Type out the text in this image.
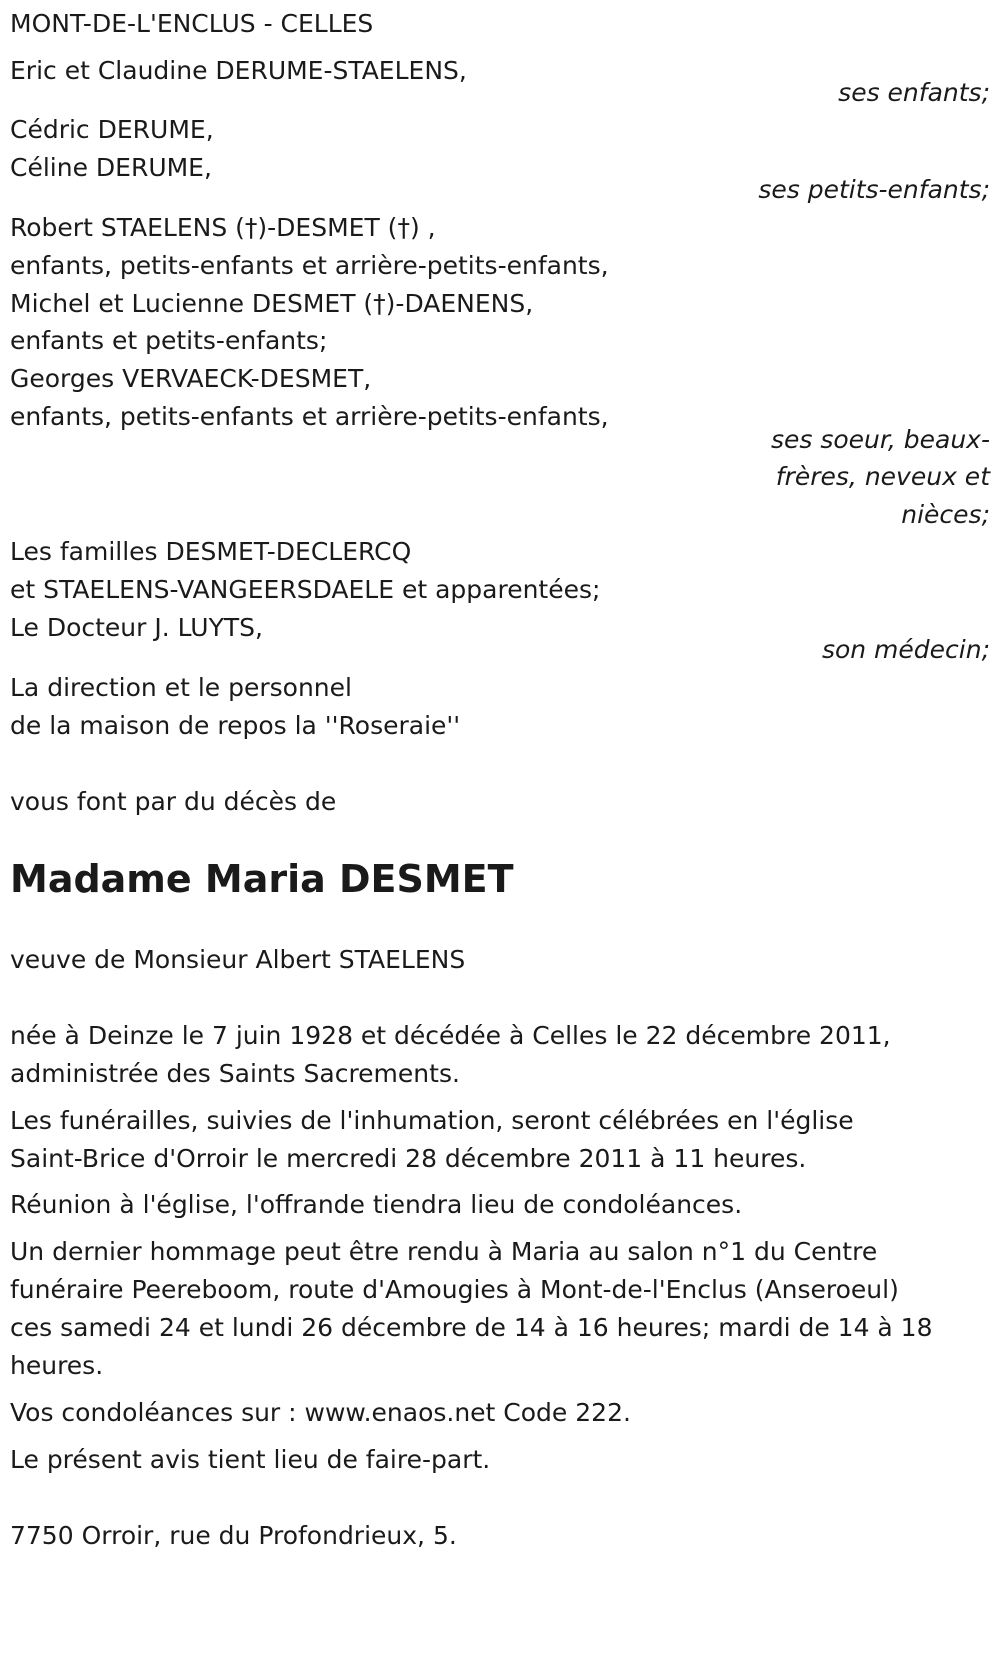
MONT-DE-L'ENCLUS - CELLES
Eric et Claudine DERUME-STAELENS,
ses enfants;
Cédric DERUME,
Céline DERUME,
ses petits-enfants;
Robert STAELENS (†)-DESMET (†) ,
enfants, petits-enfants et arrière-petits-enfants,
Michel et Lucienne DESMET (†)-DAENENS,
enfants et petits-enfants;
Georges VERVAECK-DESMET,
enfants, petits-enfants et arrière-petits-enfants,
ses soeur, beaux-
frères, neveux et
nièces;
Les familles DESMET-DECLERCQ
et STAELENS-VANGEERSDAELE et apparentées;
Le Docteur J. LUYTS,
son médecin;
La direction et le personnel
de la maison de repos la ''Roseraie''
vous font par du décès de
Madame Maria DESMET
veuve de Monsieur Albert STAELENS
née à Deinze le 7 juin 1928 et décédée à Celles le 22 décembre 2011,
administrée des Saints Sacrements.
Les funérailles, suivies de l'inhumation, seront célébrées en l'église
Saint-Brice d'Orroir le mercredi 28 décembre 2011 à 11 heures.
Réunion à l'église, l'offrande tiendra lieu de condoléances.
Un dernier hommage peut être rendu à Maria au salon n°1 du Centre
funéraire Peereboom, route d'Amougies à Mont-de-l'Enclus (Anseroeul)
ces samedi 24 et lundi 26 décembre de 14 à 16 heures; mardi de 14 à 18
heures.
Vos condoléances sur : www.enaos.net Code 222.
Le présent avis tient lieu de faire-part.
7750 Orroir, rue du Profondrieux, 5.
